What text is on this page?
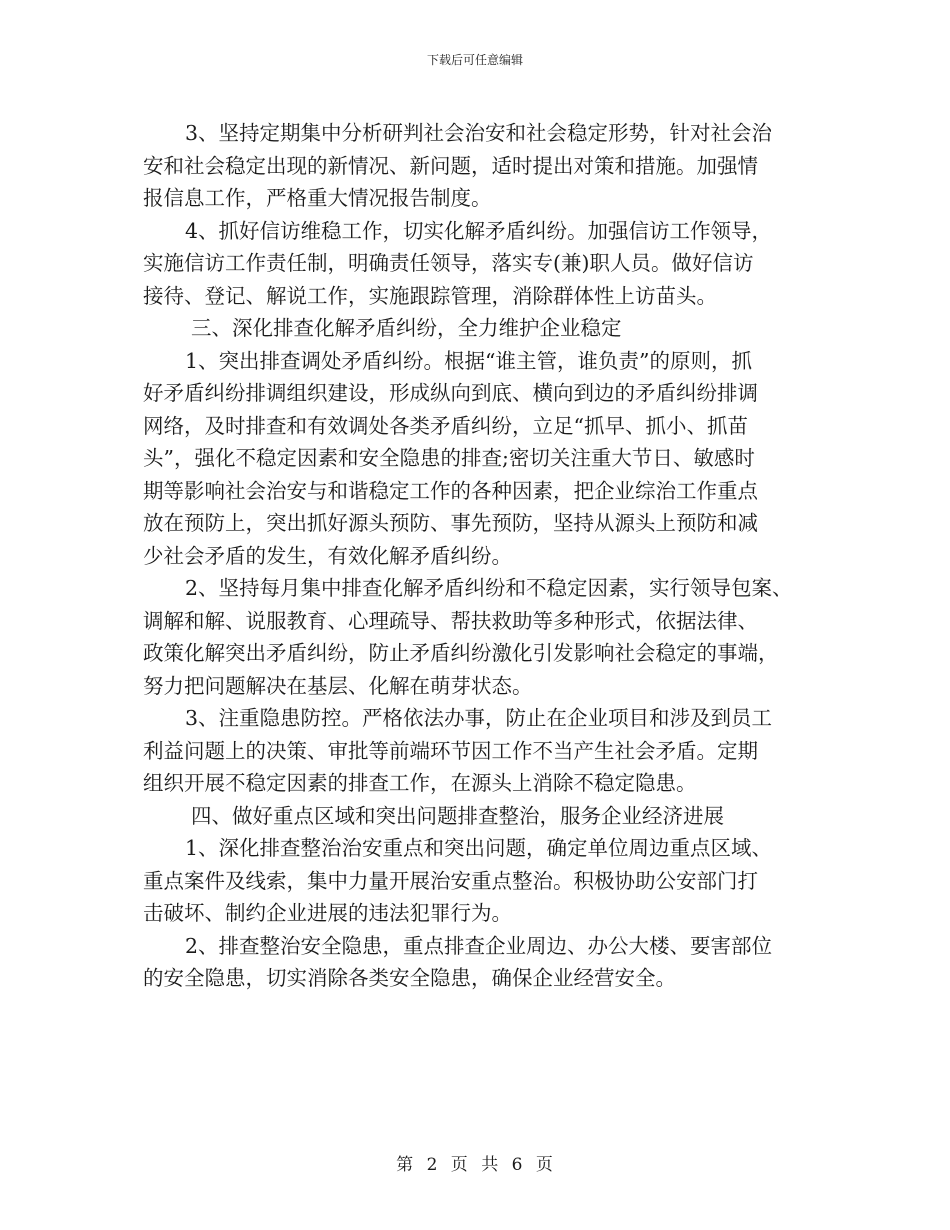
下载后可任意编辑

3、坚持定期集中分析研判社会治安和社会稳定形势，针对社会治
安和社会稳定出现的新情况、新问题，适时提出对策和措施。加强情
报信息工作，严格重大情况报告制度。

4、抓好信访维稳工作，切实化解矛盾纠纷。加强信访工作领导，
实施信访工作责任制，明确责任领导，落实专(兼)职人员。做好信访
接待、登记、解说工作，实施跟踪管理，消除群体性上访苗头。

三、深化排查化解矛盾纠纷，全力维护企业稳定

1、突出排查调处矛盾纠纷。根据“谁主管，谁负责”的原则，抓
好矛盾纠纷排调组织建设，形成纵向到底、横向到边的矛盾纠纷排调
网络，及时排查和有效调处各类矛盾纠纷，立足“抓早、抓小、抓苗
头”，强化不稳定因素和安全隐患的排查;密切关注重大节日、敏感时
期等影响社会治安与和谐稳定工作的各种因素，把企业综治工作重点
放在预防上，突出抓好源头预防、事先预防，坚持从源头上预防和减
少社会矛盾的发生，有效化解矛盾纠纷。

2、坚持每月集中排查化解矛盾纠纷和不稳定因素，实行领导包案、
调解和解、说服教育、心理疏导、帮扶救助等多种形式，依据法律、
政策化解突出矛盾纠纷，防止矛盾纠纷激化引发影响社会稳定的事端，
努力把问题解决在基层、化解在萌芽状态。

3、注重隐患防控。严格依法办事，防止在企业项目和涉及到员工
利益问题上的决策、审批等前端环节因工作不当产生社会矛盾。定期
组织开展不稳定因素的排查工作，在源头上消除不稳定隐患。

四、做好重点区域和突出问题排查整治，服务企业经济进展

1、深化排查整治治安重点和突出问题，确定单位周边重点区域、
重点案件及线索，集中力量开展治安重点整治。积极协助公安部门打
击破坏、制约企业进展的违法犯罪行为。

2、排查整治安全隐患，重点排查企业周边、办公大楼、要害部位
的安全隐患，切实消除各类安全隐患，确保企业经营安全。

第 2 页 共 6 页
